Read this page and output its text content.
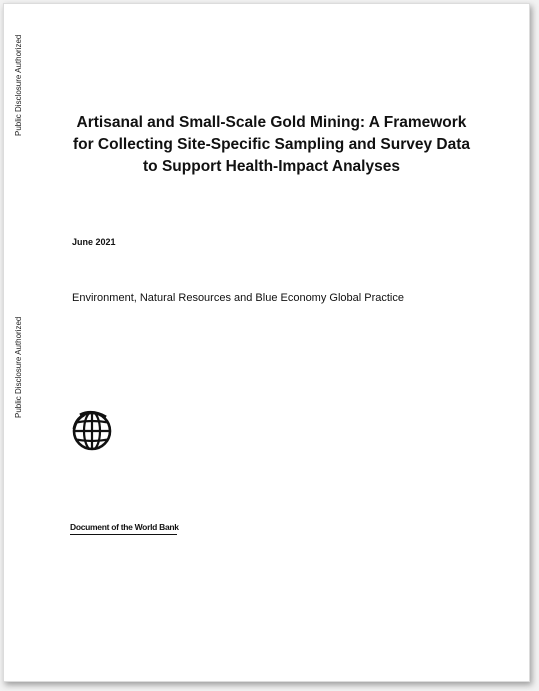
Public Disclosure Authorized
Public Disclosure Authorized
Artisanal and Small-Scale Gold Mining: A Framework
for Collecting Site-Specific Sampling and Survey Data
to Support Health-Impact Analyses
June 2021
Environment, Natural Resources and Blue Economy Global Practice
Document of the World Bank
